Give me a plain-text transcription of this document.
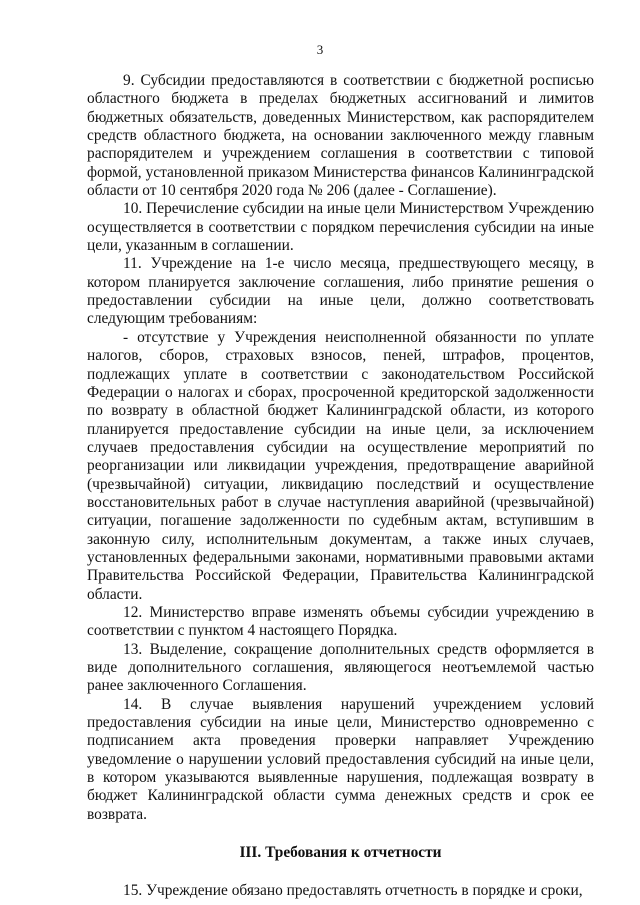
3

9. Субсидии предоставляются в соответствии с бюджетной росписью областного бюджета в пределах бюджетных ассигнований и лимитов бюджетных обязательств, доведенных Министерством, как распорядителем средств областного бюджета, на основании заключенного между главным распорядителем и учреждением соглашения в соответствии с типовой формой, установленной приказом Министерства финансов Калининградской области от 10 сентября 2020 года № 206 (далее - Соглашение).

10. Перечисление субсидии на иные цели Министерством Учреждению осуществляется в соответствии с порядком перечисления субсидии на иные цели, указанным в соглашении.

11. Учреждение на 1-е число месяца, предшествующего месяцу, в котором планируется заключение соглашения, либо принятие решения о предоставлении субсидии на иные цели, должно соответствовать следующим требованиям:

- отсутствие у Учреждения неисполненной обязанности по уплате налогов, сборов, страховых взносов, пеней, штрафов, процентов, подлежащих уплате в соответствии с законодательством Российской Федерации о налогах и сборах, просроченной кредиторской задолженности по возврату в областной бюджет Калининградской области, из которого планируется предоставление субсидии на иные цели, за исключением случаев предоставления субсидии на осуществление мероприятий по реорганизации или ликвидации учреждения, предотвращение аварийной (чрезвычайной) ситуации, ликвидацию последствий и осуществление восстановительных работ в случае наступления аварийной (чрезвычайной) ситуации, погашение задолженности по судебным актам, вступившим в законную силу, исполнительным документам, а также иных случаев, установленных федеральными законами, нормативными правовыми актами Правительства Российской Федерации, Правительства Калининградской области.

12. Министерство вправе изменять объемы субсидии учреждению в соответствии с пунктом 4 настоящего Порядка.

13. Выделение, сокращение дополнительных средств оформляется в виде дополнительного соглашения, являющегося неотъемлемой частью ранее заключенного Соглашения.

14. В случае выявления нарушений учреждением условий предоставления субсидии на иные цели, Министерство одновременно с подписанием акта проведения проверки направляет Учреждению уведомление о нарушении условий предоставления субсидий на иные цели, в котором указываются выявленные нарушения, подлежащая возврату в бюджет Калининградской области сумма денежных средств и срок ее возврата.

III. Требования к отчетности

15. Учреждение обязано предоставлять отчетность в порядке и сроки,
